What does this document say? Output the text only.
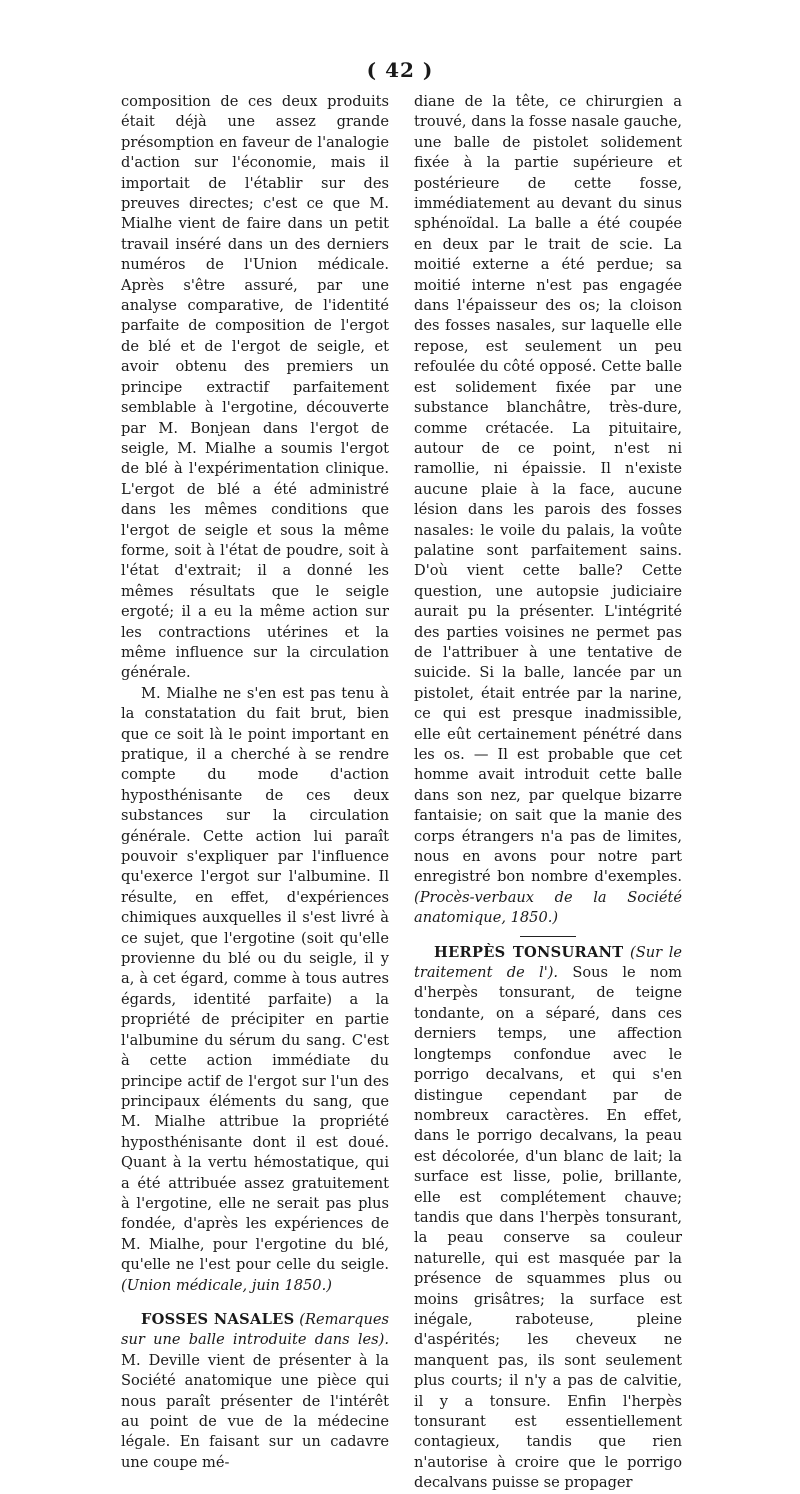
( 42 )

composition de ces deux produits était déjà une assez grande présomption en faveur de l'analogie d'action sur l'économie, mais il importait de l'établir sur des preuves directes; c'est ce que M. Mialhe vient de faire dans un petit travail inséré dans un des derniers numéros de l'Union médicale. Après s'être assuré, par une analyse comparative, de l'identité parfaite de composition de l'ergot de blé et de l'ergot de seigle, et avoir obtenu des premiers un principe extractif parfaitement semblable à l'ergotine, découverte par M. Bonjean dans l'ergot de seigle, M. Mialhe a soumis l'ergot de blé à l'expérimentation clinique. L'ergot de blé a été administré dans les mêmes conditions que l'ergot de seigle et sous la même forme, soit à l'état de poudre, soit à l'état d'extrait; il a donné les mêmes résultats que le seigle ergoté; il a eu la même action sur les contractions utérines et la même influence sur la circulation générale.

M. Mialhe ne s'en est pas tenu à la constatation du fait brut, bien que ce soit là le point important en pratique, il a cherché à se rendre compte du mode d'action hyposthénisante de ces deux substances sur la circulation générale. Cette action lui paraît pouvoir s'expliquer par l'influence qu'exerce l'ergot sur l'albumine. Il résulte, en effet, d'expériences chimiques auxquelles il s'est livré à ce sujet, que l'ergotine (soit qu'elle provienne du blé ou du seigle, il y a, à cet égard, comme à tous autres égards, identité parfaite) a la propriété de précipiter en partie l'albumine du sérum du sang. C'est à cette action immédiate du principe actif de l'ergot sur l'un des principaux éléments du sang, que M. Mialhe attribue la propriété hyposthénisante dont il est doué. Quant à la vertu hémostatique, qui a été attribuée assez gratuitement à l'ergotine, elle ne serait pas plus fondée, d'après les expériences de M. Mialhe, pour l'ergotine du blé, qu'elle ne l'est pour celle du seigle. (Union médicale, juin 1850.)

FOSSES NASALES (Remarques sur une balle introduite dans les). M. Deville vient de présenter à la Société anatomique une pièce qui nous paraît présenter de l'intérêt au point de vue de la médecine légale. En faisant sur un cadavre une coupe mé-

diane de la tête, ce chirurgien a trouvé, dans la fosse nasale gauche, une balle de pistolet solidement fixée à la partie supérieure et postérieure de cette fosse, immédiatement au devant du sinus sphénoïdal. La balle a été coupée en deux par le trait de scie. La moitié externe a été perdue; sa moitié interne n'est pas engagée dans l'épaisseur des os; la cloison des fosses nasales, sur laquelle elle repose, est seulement un peu refoulée du côté opposé. Cette balle est solidement fixée par une substance blanchâtre, très-dure, comme crétacée. La pituitaire, autour de ce point, n'est ni ramollie, ni épaissie. Il n'existe aucune plaie à la face, aucune lésion dans les parois des fosses nasales: le voile du palais, la voûte palatine sont parfaitement sains. D'où vient cette balle? Cette question, une autopsie judiciaire aurait pu la présenter. L'intégrité des parties voisines ne permet pas de l'attribuer à une tentative de suicide. Si la balle, lancée par un pistolet, était entrée par la narine, ce qui est presque inadmissible, elle eût certainement pénétré dans les os. — Il est probable que cet homme avait introduit cette balle dans son nez, par quelque bizarre fantaisie; on sait que la manie des corps étrangers n'a pas de limites, nous en avons pour notre part enregistré bon nombre d'exemples. (Procès-verbaux de la Société anatomique, 1850.)

HERPÈS TONSURANT (Sur le traitement de l'). Sous le nom d'herpès tonsurant, de teigne tondante, on a séparé, dans ces derniers temps, une affection longtemps confondue avec le porrigo decalvans, et qui s'en distingue cependant par de nombreux caractères. En effet, dans le porrigo decalvans, la peau est décolorée, d'un blanc de lait; la surface est lisse, polie, brillante, elle est complétement chauve; tandis que dans l'herpès tonsurant, la peau conserve sa couleur naturelle, qui est masquée par la présence de squammes plus ou moins grisâtres; la surface est inégale, raboteuse, pleine d'aspérités; les cheveux ne manquent pas, ils sont seulement plus courts; il n'y a pas de calvitie, il y a tonsure. Enfin l'herpès tonsurant est essentiellement contagieux, tandis que rien n'autorise à croire que le porrigo decalvans puisse se propager
